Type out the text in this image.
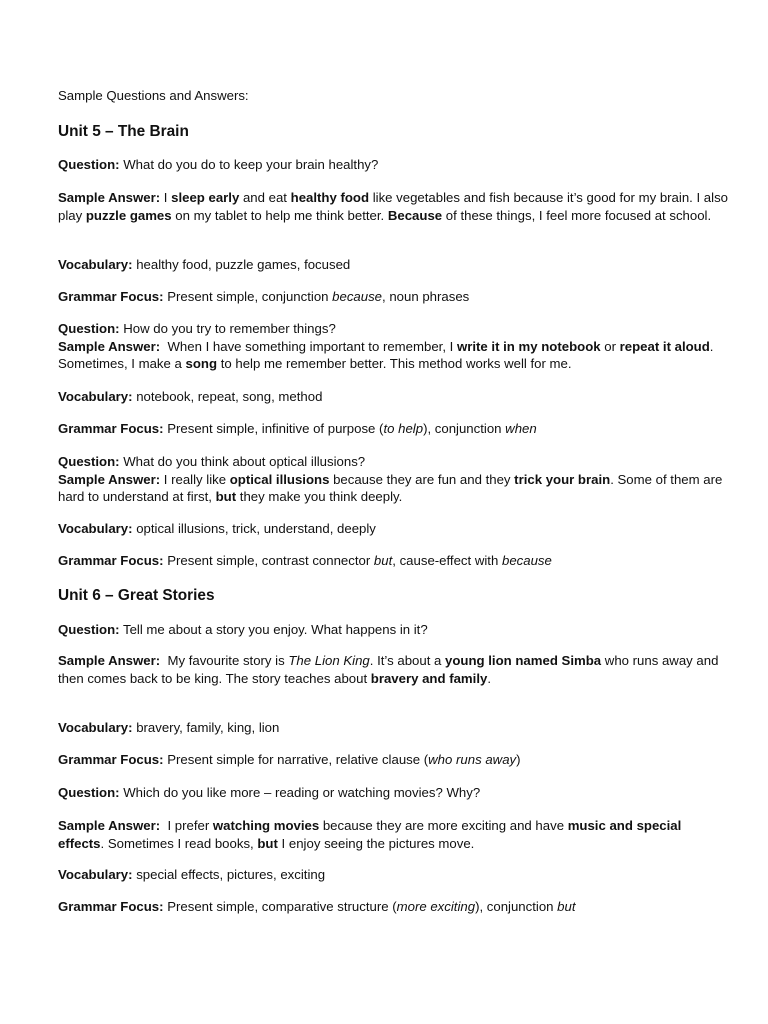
Sample Questions and Answers:

Unit 5 – The Brain

Question: What do you do to keep your brain healthy?

Sample Answer: I sleep early and eat healthy food like vegetables and fish because it’s good for my brain. I also play puzzle games on my tablet to help me think better. Because of these things, I feel more focused at school.

Vocabulary: healthy food, puzzle games, focused

Grammar Focus: Present simple, conjunction because, noun phrases

Question: How do you try to remember things?
Sample Answer:  When I have something important to remember, I write it in my notebook or repeat it aloud. Sometimes, I make a song to help me remember better. This method works well for me.

Vocabulary: notebook, repeat, song, method

Grammar Focus: Present simple, infinitive of purpose (to help), conjunction when

Question: What do you think about optical illusions?
Sample Answer: I really like optical illusions because they are fun and they trick your brain. Some of them are hard to understand at first, but they make you think deeply.

Vocabulary: optical illusions, trick, understand, deeply

Grammar Focus: Present simple, contrast connector but, cause-effect with because

Unit 6 – Great Stories

Question: Tell me about a story you enjoy. What happens in it?

Sample Answer:  My favourite story is The Lion King. It’s about a young lion named Simba who runs away and
then comes back to be king. The story teaches about bravery and family.

Vocabulary: bravery, family, king, lion

Grammar Focus: Present simple for narrative, relative clause (who runs away)

Question: Which do you like more – reading or watching movies? Why?

Sample Answer:  I prefer watching movies because they are more exciting and have music and special effects. Sometimes I read books, but I enjoy seeing the pictures move.

Vocabulary: special effects, pictures, exciting

Grammar Focus: Present simple, comparative structure (more exciting), conjunction but
